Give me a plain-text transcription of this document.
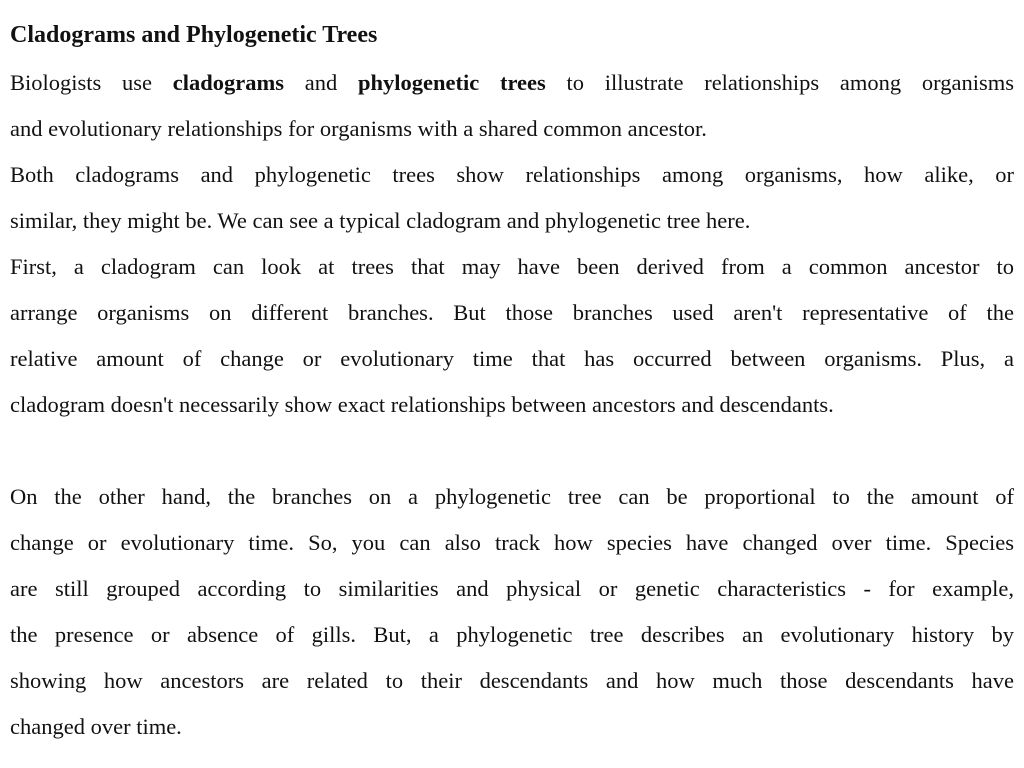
Cladograms and Phylogenetic Trees
Biologists use cladograms and phylogenetic trees to illustrate relationships among organisms
and evolutionary relationships for organisms with a shared common ancestor.
Both cladograms and phylogenetic trees show relationships among organisms, how alike, or
similar, they might be. We can see a typical cladogram and phylogenetic tree here.
First, a cladogram can look at trees that may have been derived from a common ancestor to
arrange organisms on different branches. But those branches used aren't representative of the
relative amount of change or evolutionary time that has occurred between organisms. Plus, a
cladogram doesn't necessarily show exact relationships between ancestors and descendants.
On the other hand, the branches on a phylogenetic tree can be proportional to the amount of
change or evolutionary time. So, you can also track how species have changed over time. Species
are still grouped according to similarities and physical or genetic characteristics - for example,
the presence or absence of gills. But, a phylogenetic tree describes an evolutionary history by
showing how ancestors are related to their descendants and how much those descendants have
changed over time.
